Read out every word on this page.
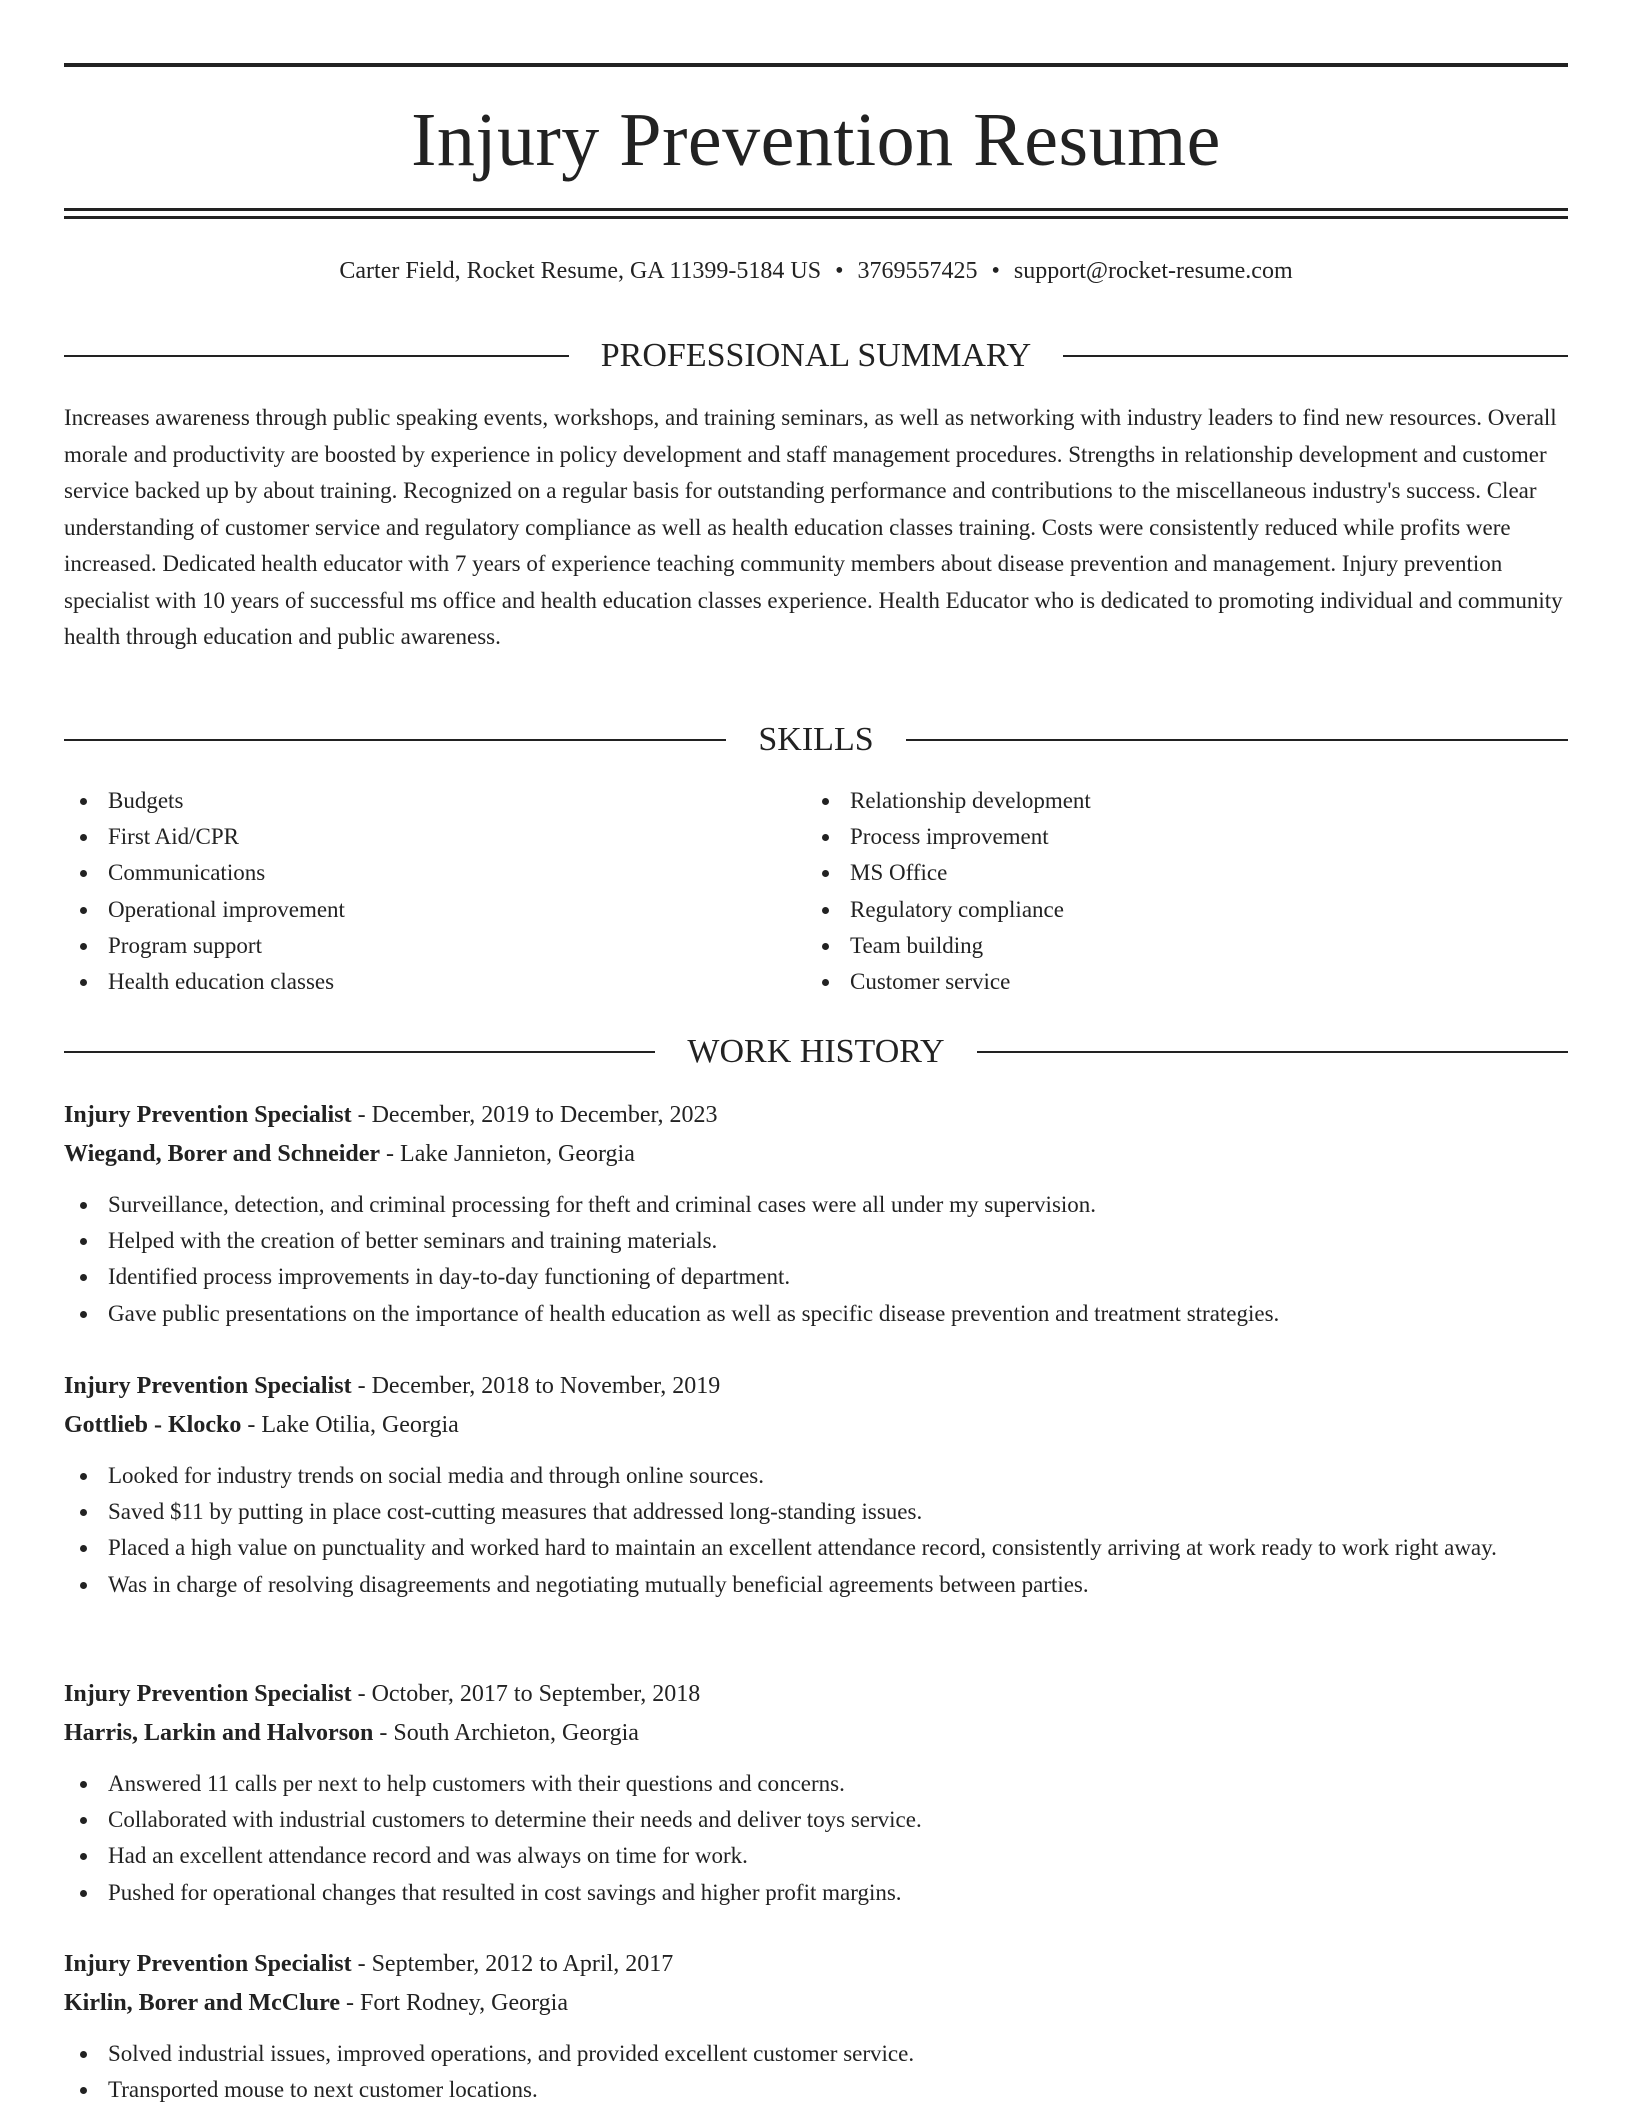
Injury Prevention Resume
Carter Field, Rocket Resume, GA 11399-5184 US • 3769557425 • support@rocket-resume.com
PROFESSIONAL SUMMARY

Increases awareness through public speaking events, workshops, and training seminars, as well as networking with industry leaders to find new resources. Overall morale and productivity are boosted by experience in policy development and staff management procedures. Strengths in relationship development and customer service backed up by about training. Recognized on a regular basis for outstanding performance and contributions to the miscellaneous industry's success. Clear understanding of customer service and regulatory compliance as well as health education classes training. Costs were consistently reduced while profits were increased. Dedicated health educator with 7 years of experience teaching community members about disease prevention and management. Injury prevention specialist with 10 years of successful ms office and health education classes experience. Health Educator who is dedicated to promoting individual and community health through education and public awareness.

SKILLS
Budgets
First Aid/CPR
Communications
Operational improvement
Program support
Health education classes
Relationship development
Process improvement
MS Office
Regulatory compliance
Team building
Customer service
WORK HISTORY
Injury Prevention Specialist - December, 2019 to December, 2023
Wiegand, Borer and Schneider - Lake Jannieton, Georgia
Surveillance, detection, and criminal processing for theft and criminal cases were all under my supervision.
Helped with the creation of better seminars and training materials.
Identified process improvements in day-to-day functioning of department.
Gave public presentations on the importance of health education as well as specific disease prevention and treatment strategies.
Injury Prevention Specialist - December, 2018 to November, 2019
Gottlieb - Klocko - Lake Otilia, Georgia
Looked for industry trends on social media and through online sources.
Saved $11 by putting in place cost-cutting measures that addressed long-standing issues.
Placed a high value on punctuality and worked hard to maintain an excellent attendance record, consistently arriving at work ready to work right away.
Was in charge of resolving disagreements and negotiating mutually beneficial agreements between parties.
Injury Prevention Specialist - October, 2017 to September, 2018
Harris, Larkin and Halvorson - South Archieton, Georgia
Answered 11 calls per next to help customers with their questions and concerns.
Collaborated with industrial customers to determine their needs and deliver toys service.
Had an excellent attendance record and was always on time for work.
Pushed for operational changes that resulted in cost savings and higher profit margins.
Injury Prevention Specialist - September, 2012 to April, 2017
Kirlin, Borer and McClure - Fort Rodney, Georgia
Solved industrial issues, improved operations, and provided excellent customer service.
Transported mouse to next customer locations.
